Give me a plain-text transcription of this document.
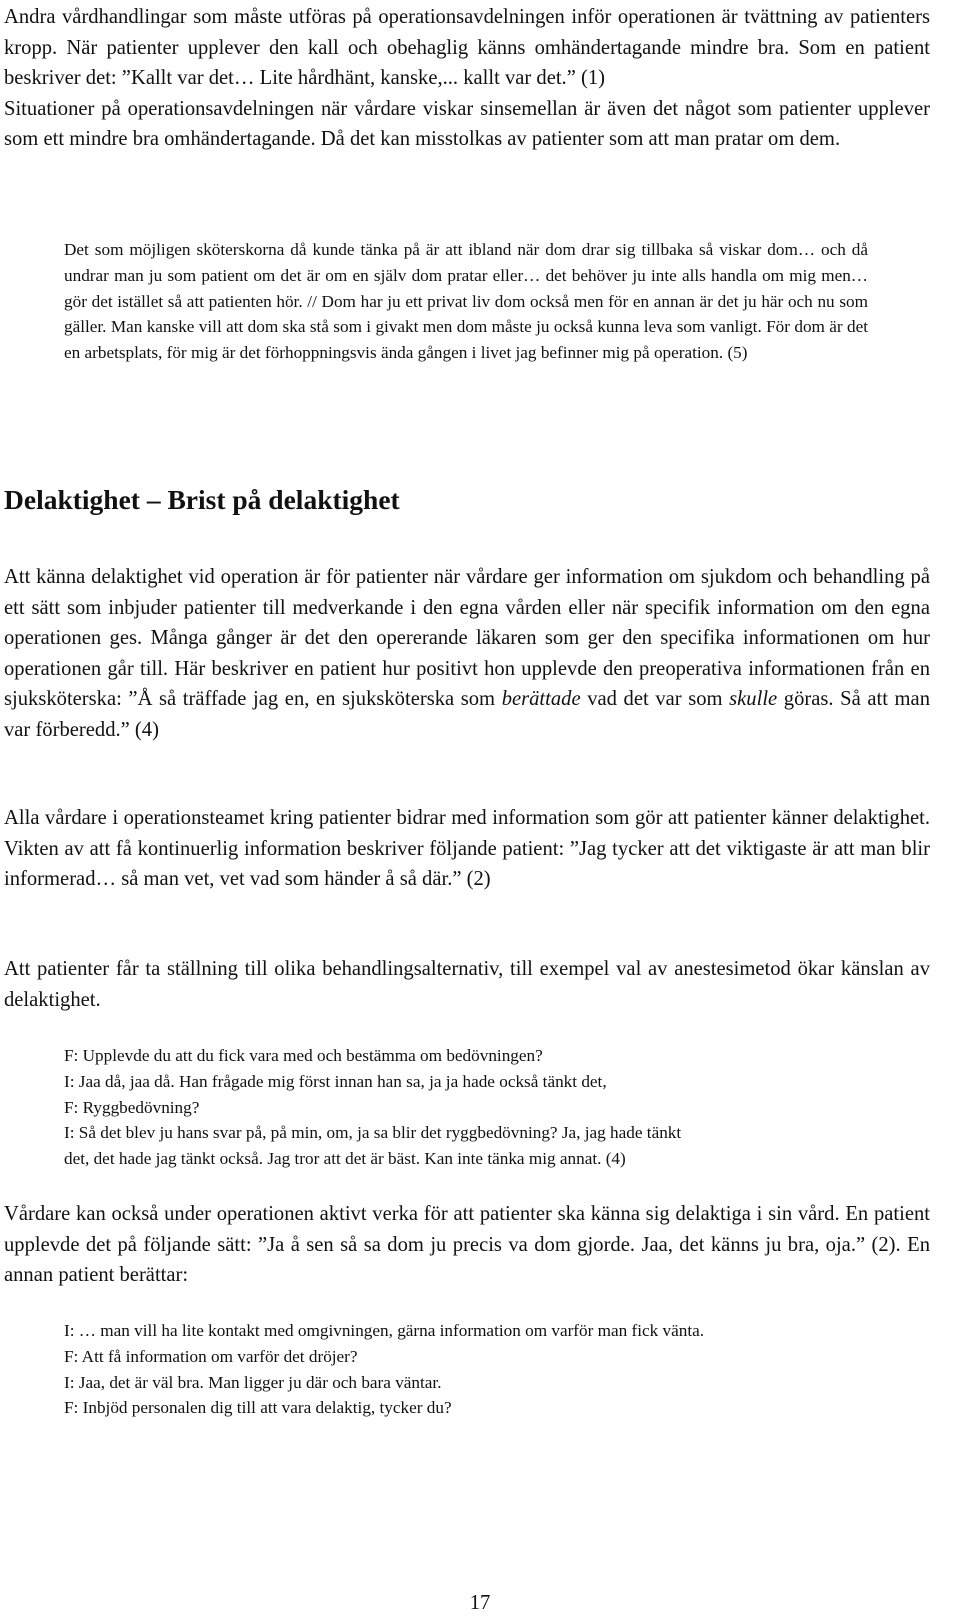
Andra vårdhandlingar som måste utföras på operationsavdelningen inför operationen är tvättning av patienters kropp. När patienter upplever den kall och obehaglig känns omhändertagande mindre bra. Som en patient beskriver det: ”Kallt var det… Lite hårdhänt, kanske,... kallt var det.” (1)
Situationer på operationsavdelningen när vårdare viskar sinsemellan är även det något som patienter upplever som ett mindre bra omhändertagande. Då det kan misstolkas av patienter som att man pratar om dem.

Det som möjligen sköterskorna då kunde tänka på är att ibland när dom drar sig tillbaka så viskar dom… och då undrar man ju som patient om det är om en själv dom pratar eller… det behöver ju inte alls handla om mig men… gör det istället så att patienten hör. // Dom har ju ett privat liv dom också men för en annan är det ju här och nu som gäller. Man kanske vill att dom ska stå som i givakt men dom måste ju också kunna leva som vanligt. För dom är det en arbetsplats, för mig är det förhoppningsvis ända gången i livet jag befinner mig på operation. (5)

Delaktighet – Brist på delaktighet

Att känna delaktighet vid operation är för patienter när vårdare ger information om sjukdom och behandling på ett sätt som inbjuder patienter till medverkande i den egna vården eller när specifik information om den egna operationen ges. Många gånger är det den opererande läkaren som ger den specifika informationen om hur operationen går till. Här beskriver en patient hur positivt hon upplevde den preoperativa informationen från en sjuksköterska: ”Å så träffade jag en, en sjuksköterska som berättade vad det var som skulle göras. Så att man var förberedd.” (4)

Alla vårdare i operationsteamet kring patienter bidrar med information som gör att patienter känner delaktighet. Vikten av att få kontinuerlig information beskriver följande patient: ”Jag tycker att det viktigaste är att man blir informerad… så man vet, vet vad som händer å så där.” (2)

Att patienter får ta ställning till olika behandlingsalternativ, till exempel val av anestesimetod ökar känslan av delaktighet.

F: Upplevde du att du fick vara med och bestämma om bedövningen?
I: Jaa då, jaa då. Han frågade mig först innan han sa, ja ja hade också tänkt det,
F: Ryggbedövning?
I: Så det blev ju hans svar på, på min, om, ja sa blir det ryggbedövning? Ja, jag hade tänkt
det, det hade jag tänkt också. Jag tror att det är bäst. Kan inte tänka mig annat. (4)

Vårdare kan också under operationen aktivt verka för att patienter ska känna sig delaktiga i sin vård. En patient upplevde det på följande sätt: ”Ja å sen så sa dom ju precis va dom gjorde. Jaa, det känns ju bra, oja.” (2). En annan patient berättar:

I: … man vill ha lite kontakt med omgivningen, gärna information om varför man fick väntа.
F: Att få information om varför det dröjer?
I: Jaa, det är väl bra. Man ligger ju där och bara väntar.
F: Inbjöd personalen dig till att vara delaktig, tycker du?
17
